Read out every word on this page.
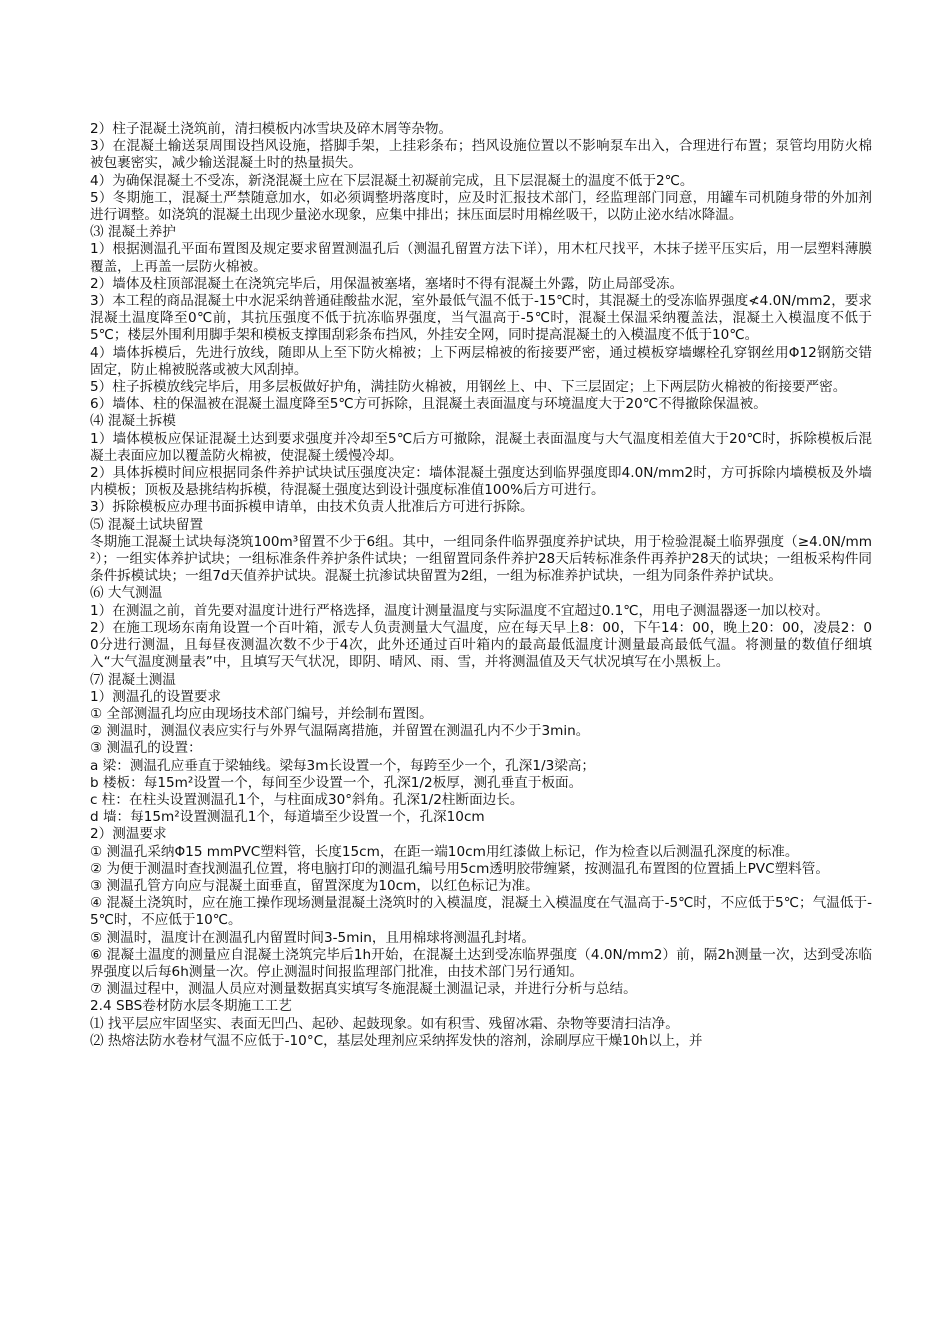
2）柱子混凝土浇筑前，清扫模板内冰雪块及碎木屑等杂物。

3）在混凝土输送泵周围设挡风设施，搭脚手架，上挂彩条布；挡风设施位置以不影响泵车出入，合理进行布置；泵管均用防火棉被包裹密实，减少输送混凝土时的热量损失。

4）为确保混凝土不受冻，新浇混凝土应在下层混凝土初凝前完成，且下层混凝土的温度不低于2℃。

5）冬期施工，混凝土严禁随意加水，如必须调整坍落度时，应及时汇报技术部门，经监理部门同意，用罐车司机随身带的外加剂进行调整。如浇筑的混凝土出现少量泌水现象，应集中排出；抹压面层时用棉丝吸干，以防止泌水结冰降温。

⑶ 混凝土养护

1）根据测温孔平面布置图及规定要求留置测温孔后（测温孔留置方法下详），用木杠尺找平，木抹子搓平压实后，用一层塑料薄膜覆盖，上再盖一层防火棉被。

2）墙体及柱顶部混凝土在浇筑完毕后，用保温被塞堵，塞堵时不得有混凝土外露，防止局部受冻。

3）本工程的商品混凝土中水泥采纳普通硅酸盐水泥，室外最低气温不低于-15℃时，其混凝土的受冻临界强度≮4.0N/mm2，要求混凝土温度降至0℃前，其抗压强度不低于抗冻临界强度，当气温高于-5℃时，混凝土保温采纳覆盖法，混凝土入模温度不低于5℃；楼层外围利用脚手架和模板支撑围刮彩条布挡风，外挂安全网，同时提高混凝土的入模温度不低于10℃。

4）墙体拆模后，先进行放线，随即从上至下防火棉被；上下两层棉被的衔接要严密，通过模板穿墙螺栓孔穿钢丝用Φ12钢筋交错固定，防止棉被脱落或被大风刮掉。

5）柱子拆模放线完毕后，用多层板做好护角，满挂防火棉被，用钢丝上、中、下三层固定；上下两层防火棉被的衔接要严密。

6）墙体、柱的保温被在混凝土温度降至5℃方可拆除，且混凝土表面温度与环境温度大于20℃不得撤除保温被。

⑷ 混凝土拆模

1）墙体模板应保证混凝土达到要求强度并冷却至5℃后方可撤除，混凝土表面温度与大气温度相差值大于20℃时，拆除模板后混凝土表面应加以覆盖防火棉被，使混凝土缓慢冷却。

2）具体拆模时间应根据同条件养护试块试压强度决定：墙体混凝土强度达到临界强度即4.0N/mm2时，方可拆除内墙模板及外墙内模板；顶板及悬挑结构拆模，待混凝土强度达到设计强度标准值100%后方可进行。

3）拆除模板应办理书面拆模申请单，由技术负责人批准后方可进行拆除。

⑸ 混凝土试块留置

冬期施工混凝土试块每浇筑100m³留置不少于6组。其中，一组同条件临界强度养护试块，用于检验混凝土临界强度（≥4.0N/mm²）；一组实体养护试块；一组标准条件养护条件试块；一组留置同条件养护28天后转标准条件再养护28天的试块；一组板采构件同条件拆模试块；一组7d天值养护试块。混凝土抗渗试块留置为2组，一组为标准养护试块，一组为同条件养护试块。

⑹ 大气测温

1）在测温之前，首先要对温度计进行严格选择，温度计测量温度与实际温度不宜超过0.1℃，用电子测温器逐一加以校对。

2）在施工现场东南角设置一个百叶箱，派专人负责测量大气温度，应在每天早上8：00，下午14：00，晚上20：00，凌晨2：00分进行测温，且每昼夜测温次数不少于4次，此外还通过百叶箱内的最高最低温度计测量最高最低气温。将测量的数值仔细填入“大气温度测量表”中，且填写天气状况，即阴、晴风、雨、雪，并将测温值及天气状况填写在小黑板上。

⑺ 混凝土测温

1）测温孔的设置要求

① 全部测温孔均应由现场技术部门编号，并绘制布置图。

② 测温时，测温仪表应实行与外界气温隔离措施，并留置在测温孔内不少于3min。

③ 测温孔的设置：

a 梁：测温孔应垂直于梁轴线。梁每3m长设置一个，每跨至少一个，孔深1/3梁高；

b 楼板：每15m²设置一个，每间至少设置一个，孔深1/2板厚，测孔垂直于板面。

c 柱：在柱头设置测温孔1个，与柱面成30°斜角。孔深1/2柱断面边长。

d 墙：每15m²设置测温孔1个，每道墙至少设置一个，孔深10cm

2）测温要求

① 测温孔采纳Φ15 mmPVC塑料管，长度15cm，在距一端10cm用红漆做上标记，作为检查以后测温孔深度的标准。

② 为便于测温时查找测温孔位置，将电脑打印的测温孔编号用5cm透明胶带缠紧，按测温孔布置图的位置插上PVC塑料管。

③ 测温孔管方向应与混凝土面垂直，留置深度为10cm，以红色标记为准。

④ 混凝土浇筑时，应在施工操作现场测量混凝土浇筑时的入模温度，混凝土入模温度在气温高于-5℃时，不应低于5℃；气温低于-5℃时，不应低于10℃。

⑤ 测温时，温度计在测温孔内留置时间3-5min，且用棉球将测温孔封堵。

⑥ 混凝土温度的测量应自混凝土浇筑完毕后1h开始，在混凝土达到受冻临界强度（4.0N/mm2）前，隔2h测量一次，达到受冻临界强度以后每6h测量一次。停止测温时间报监理部门批准，由技术部门另行通知。

⑦ 测温过程中，测温人员应对测量数据真实填写冬施混凝土测温记录，并进行分析与总结。

2.4 SBS卷材防水层冬期施工工艺

⑴ 找平层应牢固坚实、表面无凹凸、起砂、起鼓现象。如有积雪、残留冰霜、杂物等要清扫洁净。

⑵ 热熔法防水卷材气温不应低于-10°C，基层处理剂应采纳挥发快的溶剂，涂刷厚应干燥10h以上，并
